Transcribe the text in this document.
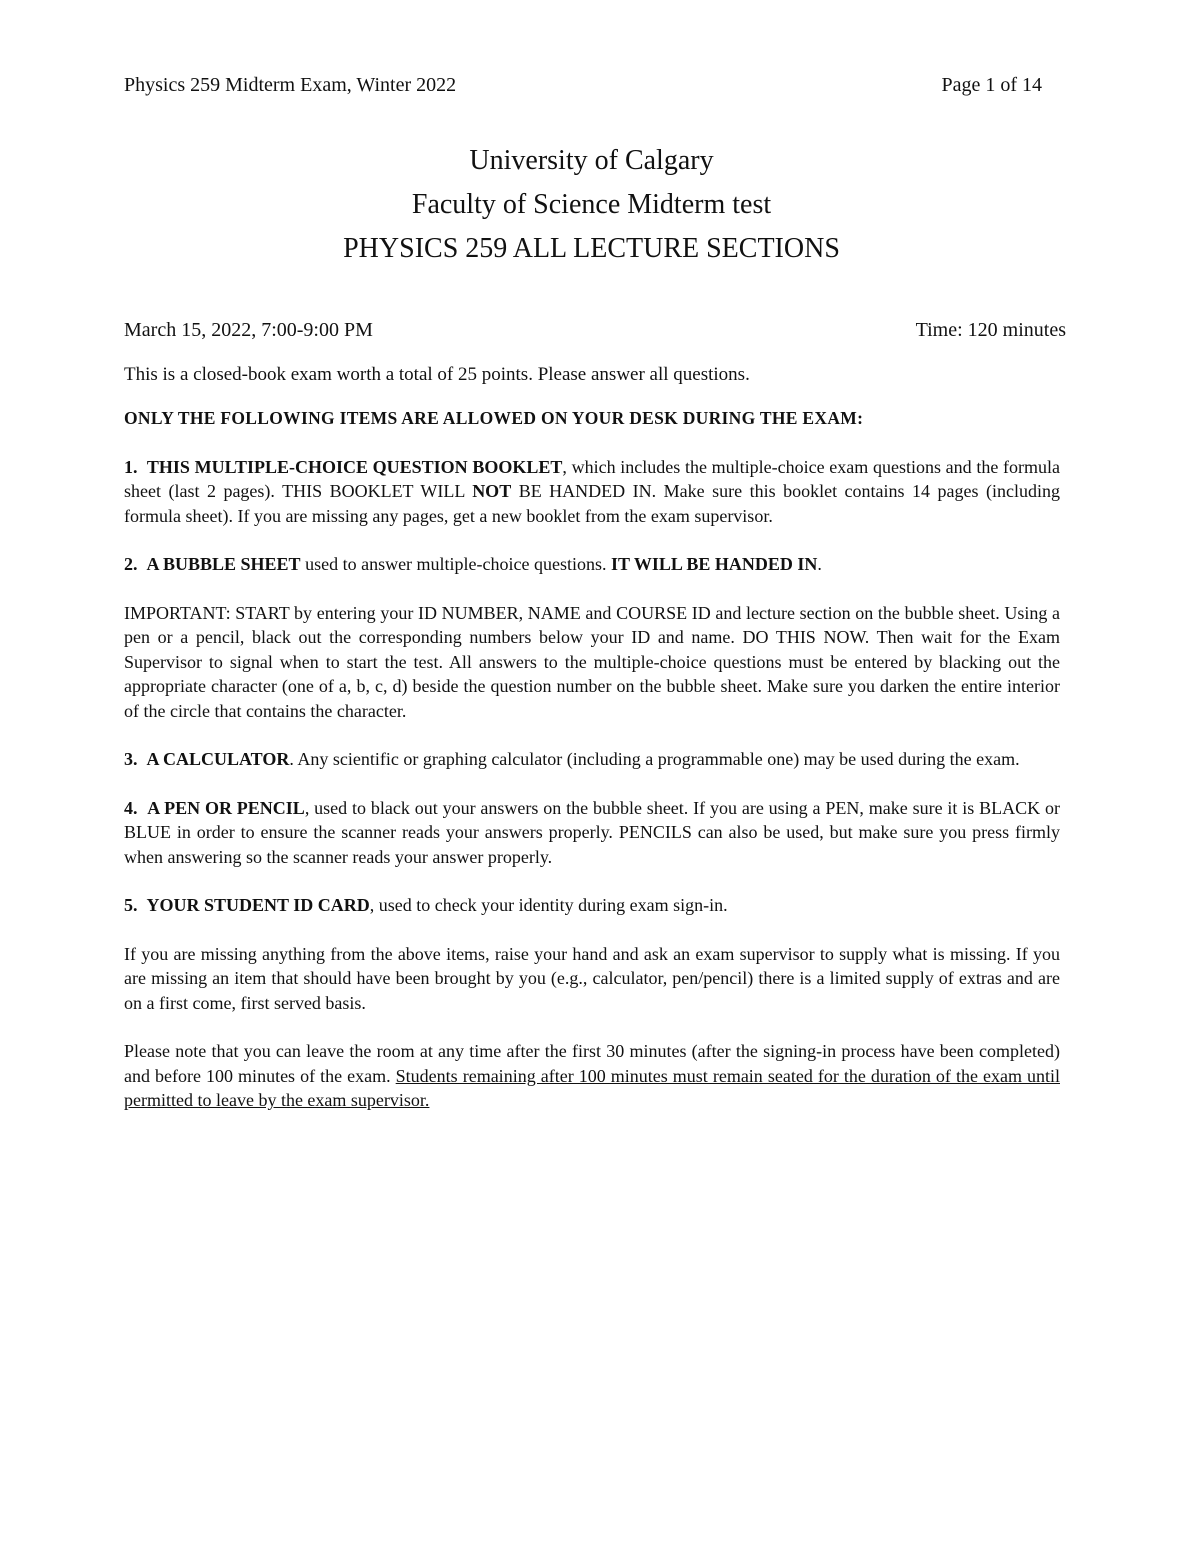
Physics 259 Midterm Exam, Winter 2022	Page 1 of 14
University of Calgary
Faculty of Science Midterm test
PHYSICS 259 ALL LECTURE SECTIONS
March 15, 2022, 7:00-9:00 PM	Time: 120 minutes

This is a closed-book exam worth a total of 25 points. Please answer all questions.

ONLY THE FOLLOWING ITEMS ARE ALLOWED ON YOUR DESK DURING THE EXAM:

1. THIS MULTIPLE-CHOICE QUESTION BOOKLET, which includes the multiple-choice exam questions and the formula sheet (last 2 pages). THIS BOOKLET WILL NOT BE HANDED IN. Make sure this booklet contains 14 pages (including formula sheet). If you are missing any pages, get a new booklet from the exam supervisor.

2. A BUBBLE SHEET used to answer multiple-choice questions. IT WILL BE HANDED IN.

IMPORTANT: START by entering your ID NUMBER, NAME and COURSE ID and lecture section on the bubble sheet. Using a pen or a pencil, black out the corresponding numbers below your ID and name. DO THIS NOW. Then wait for the Exam Supervisor to signal when to start the test. All answers to the multiple-choice questions must be entered by blacking out the appropriate character (one of a, b, c, d) beside the question number on the bubble sheet. Make sure you darken the entire interior of the circle that contains the character.

3. A CALCULATOR. Any scientific or graphing calculator (including a programmable one) may be used during the exam.

4. A PEN OR PENCIL, used to black out your answers on the bubble sheet. If you are using a PEN, make sure it is BLACK or BLUE in order to ensure the scanner reads your answers properly. PENCILS can also be used, but make sure you press firmly when answering so the scanner reads your answer properly.

5. YOUR STUDENT ID CARD, used to check your identity during exam sign-in.

If you are missing anything from the above items, raise your hand and ask an exam supervisor to supply what is missing. If you are missing an item that should have been brought by you (e.g., calculator, pen/pencil) there is a limited supply of extras and are on a first come, first served basis.

Please note that you can leave the room at any time after the first 30 minutes (after the signing-in process have been completed) and before 100 minutes of the exam. Students remaining after 100 minutes must remain seated for the duration of the exam until permitted to leave by the exam supervisor.
